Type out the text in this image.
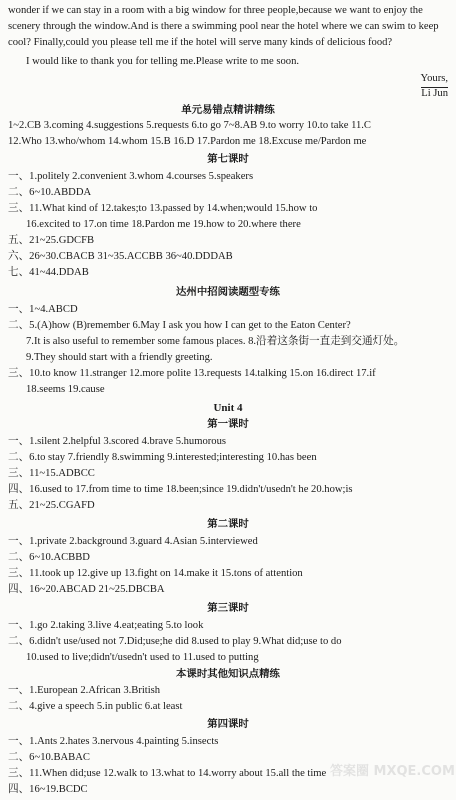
wonder if we can stay in a room with a big window for three people,because we want to enjoy the
scenery through the window.And is there a swimming pool near the hotel where we can swim to keep
cool? Finally,could you please tell me if the hotel will serve many kinds of delicious food?
I would like to thank you for telling me.Please write to me soon.
Yours,
Li Jun
单元易错点精讲精练
1~2.CB 3.coming 4.suggestions 5.requests 6.to go 7~8.AB 9.to worry 10.to take 11.C
12.Who 13.who/whom 14.whom 15.B 16.D 17.Pardon me 18.Excuse me/Pardon me
第七课时
一、1.politely 2.convenient 3.whom 4.courses 5.speakers
二、6~10.ABDDA
三、11.What kind of 12.takes;to 13.passed by 14.when;would 15.how to
16.excited to 17.on time 18.Pardon me 19.how to 20.where there
五、21~25.GDCFB
六、26~30.CBACB 31~35.ACCBB 36~40.DDDAB
七、41~44.DDAB
达州中招阅读题型专练
一、1~4.ABCD
二、5.(A)how (B)remember 6.May I ask you how I can get to the Eaton Center?
7.It is also useful to remember some famous places. 8.沿着这条街一直走到交通灯处。
9.They should start with a friendly greeting.
三、10.to know 11.stranger 12.more polite 13.requests 14.talking 15.on 16.direct 17.if
18.seems 19.cause
Unit 4
第一课时
一、1.silent 2.helpful 3.scored 4.brave 5.humorous
二、6.to stay 7.friendly 8.swimming 9.interested;interesting 10.has been
三、11~15.ADBCC
四、16.used to 17.from time to time 18.been;since 19.didn't/usedn't he 20.how;is
五、21~25.CGAFD
第二课时
一、1.private 2.background 3.guard 4.Asian 5.interviewed
二、6~10.ACBBD
三、11.took up 12.give up 13.fight on 14.make it 15.tons of attention
四、16~20.ABCAD 21~25.DBCBA
第三课时
一、1.go 2.taking 3.live 4.eat;eating 5.to look
二、6.didn't use/used not 7.Did;use;he did 8.used to play 9.What did;use to do
10.used to live;didn't/usedn't used to 11.used to putting
本课时其他知识点精练
一、1.European 2.African 3.British
二、4.give a speech 5.in public 6.at least
第四课时
一、1.Ants 2.hates 3.nervous 4.painting 5.insects
二、6~10.BABAC
三、11.When did;use 12.walk to 13.what to 14.worry about 15.all the time
四、16~19.BCDC
答案圈 MXQE.COM
